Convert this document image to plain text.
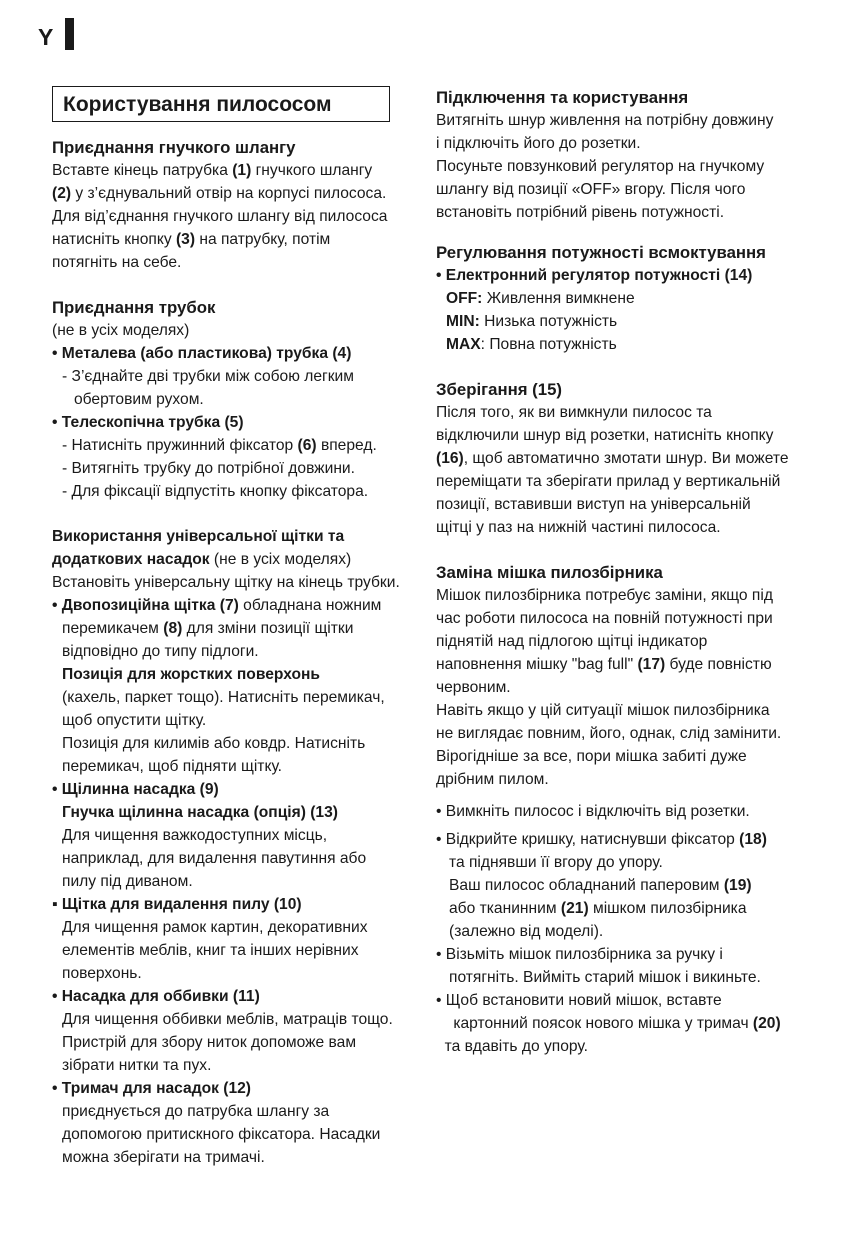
Y
Користування пилососом
Приєднання гнучкого шлангу

Вставте кінець патрубка (1) гнучкого шлангу

(2) у з’єднувальний отвір на корпусі пилососа.

Для від’єднання гнучкого шлангу від пилососа

натисніть кнопку (3) на патрубку, потім

потягніть на себе.

Приєднання трубок

(не в усіх моделях)

• Металева (або пластикова) трубка (4)

- З’єднайте дві трубки між собою легким

обертовим рухом.

• Телескопічна трубка (5)

- Натисніть пружинний фіксатор (6) вперед.

- Витягніть трубку до потрібної довжини.

- Для фіксації відпустіть кнопку фіксатора.

Використання універсальної щітки та

додаткових насадок (не в усіх моделях)

Встановіть універсальну щітку на кінець трубки.

• Двопозиційна щітка (7) обладнана ножним

перемикачем (8) для зміни позиції щітки

відповідно до типу підлоги.

Позиція для жорстких поверхонь

(кахель, паркет тощо). Натисніть перемикач,

щоб опустити щітку.

Позиція для килимів або ковдр. Натисніть

перемикач, щоб підняти щітку.

• Щілинна насадка (9)

Гнучка щілинна насадка (опція) (13)

Для чищення важкодоступних місць,

наприклад, для видалення павутиння або

пилу під диваном.

▪ Щітка для видалення пилу (10)

Для чищення рамок картин, декоративних

елементів меблів, книг та інших нерівних

поверхонь.

• Насадка для оббивки (11)

Для чищення оббивки меблів, матраців тощо.

Пристрій для збору ниток допоможе вам

зібрати нитки та пух.

• Тримач для насадок (12)

приєднується до патрубка шлангу за

допомогою притискного фіксатора. Насадки

можна зберігати на тримачі.

Підключення та користування

Витягніть шнур живлення на потрібну довжину

і підключіть його до розетки.

Посуньте повзунковий регулятор на гнучкому

шлангу від позиції «OFF» вгору. Після чого

встановіть потрібний рівень потужності.

Регулювання потужності всмоктування

• Електронний регулятор потужності (14)

OFF: Живлення вимкнене

MIN: Низька потужність

MAX: Повна потужність

Зберігання (15)

Після того, як ви вимкнули пилосос та

відключили шнур від розетки, натисніть кнопку

(16), щоб автоматично змотати шнур. Ви можете

переміщати та зберігати прилад у вертикальній

позиції, вставивши виступ на універсальній

щітці у паз на нижній частині пилососа.

Заміна мішка пилозбірника

Мішок пилозбірника потребує заміни, якщо під

час роботи пилососа на повній потужності при

піднятій над підлогою щітці індикатор

наповнення мішку "bag full" (17) буде повністю

червоним.

Навіть якщо у цій ситуації мішок пилозбірника

не виглядає повним, його, однак, слід замінити.

Вірогідніше за все, пори мішка забиті дуже

дрібним пилом.

• Вимкніть пилосос і відключіть від розетки.

• Відкрийте кришку, натиснувши фіксатор (18)

та піднявши її вгору до упору.

Ваш пилосос обладнаний паперовим (19)

або тканинним (21) мішком пилозбірника

(залежно від моделі).

• Візьміть мішок пилозбірника за ручку і

потягніть. Вийміть старий мішок і викиньте.

• Щоб встановити новий мішок, вставте

картонний поясок нового мішка у тримач (20)

та вдавіть до упору.
